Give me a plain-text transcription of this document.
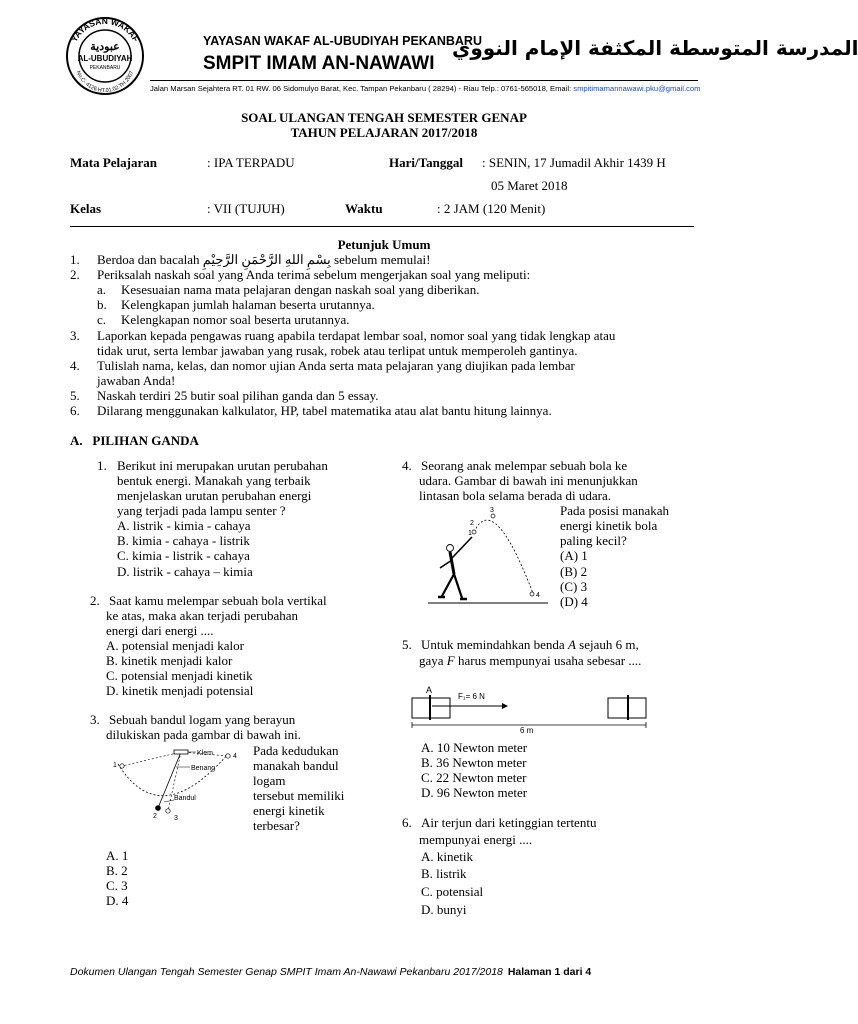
YAYASAN WAKAF
No.C- 4126.HT.01.02.TH 2007
عبودية
AL-UBUDIYAH
PEKANBARU
YAYASAN WAKAF AL-UBUDIYAH PEKANBARU
SMPIT IMAM AN-NAWAWI
المدرسة المتوسطة المكثفة الإمام النووي
Jalan Marsan Sejahtera RT. 01 RW. 06 Sidomulyo Barat, Kec. Tampan Pekanbaru ( 28294) - Riau Telp.: 0761-565018, Email: smpitimamannawawi.pku@gmail.com
SOAL ULANGAN TENGAH SEMESTER GENAP
TAHUN PELAJARAN 2017/2018
Mata Pelajaran	: IPA TERPADU	Hari/Tanggal : SENIN, 17 Jumadil Akhir 1439 H
05 Maret 2018
Kelas	: VII (TUJUH)	Waktu	: 2 JAM (120 Menit)
Petunjuk Umum
1. Berdoa dan bacalah بِسْمِ اللهِ الرَّحْمَنِ الرَّحِيْمِ sebelum memulai!
2. Periksalah naskah soal yang Anda terima sebelum mengerjakan soal yang meliputi:
a. Kesesuaian nama mata pelajaran dengan naskah soal yang diberikan.
b. Kelengkapan jumlah halaman beserta urutannya.
c. Kelengkapan nomor soal beserta urutannya.
3. Laporkan kepada pengawas ruang apabila terdapat lembar soal, nomor soal yang tidak lengkap atau
tidak urut, serta lembar jawaban yang rusak, robek atau terlipat untuk memperoleh gantinya.
4. Tulislah nama, kelas, dan nomor ujian Anda serta mata pelajaran yang diujikan pada lembar
jawaban Anda!
5. Naskah terdiri 25 butir soal pilihan ganda dan 5 essay.
6. Dilarang menggunakan kalkulator, HP, tabel matematika atau alat bantu hitung lainnya.
A.   PILIHAN GANDA
1. Berikut ini merupakan urutan perubahan
bentuk energi. Manakah yang terbaik
menjelaskan urutan perubahan energi
yang terjadi pada lampu senter ?
A. listrik - kimia - cahaya
B. kimia - cahaya - listrik
C. kimia - listrik - cahaya
D. listrik - cahaya – kimia
2. Saat kamu melempar sebuah bola vertikal
ke atas, maka akan terjadi perubahan
energi dari energi ....
A. potensial menjadi kalor
B. kinetik menjadi kalor
C. potensial menjadi kinetik
D. kinetik menjadi potensial
3. Sebuah bandul logam yang berayun
dilukiskan pada gambar di bawah ini.
Pada kedudukan
manakah bandul
logam
tersebut memiliki
energi kinetik
terbesar?
Klem
Benang
Bandul
1
2 3
4
A. 1
B. 2
C. 3
D. 4
4. Seorang anak melempar sebuah bola ke
udara. Gambar di bawah ini menunjukkan
lintasan bola selama berada di udara.
Pada posisi manakah
energi kinetik bola
paling kecil?
(A) 1
(B) 2
(C) 3
(D) 4
1
2
3
4
5. Untuk memindahkan benda A sejauh 6 m,
gaya F harus mempunyai usaha sebesar ....
A
F₁= 6 N
6 m
A. 10 Newton meter
B. 36 Newton meter
C. 22 Newton meter
D. 96 Newton meter
6. Air terjun dari ketinggian tertentu
mempunyai energi ....
A. kinetik
B. listrik
C. potensial
D. bunyi
Dokumen Ulangan Tengah Semester Genap SMPIT Imam An-Nawawi Pekanbaru 2017/2018 Halaman 1 dari 4
